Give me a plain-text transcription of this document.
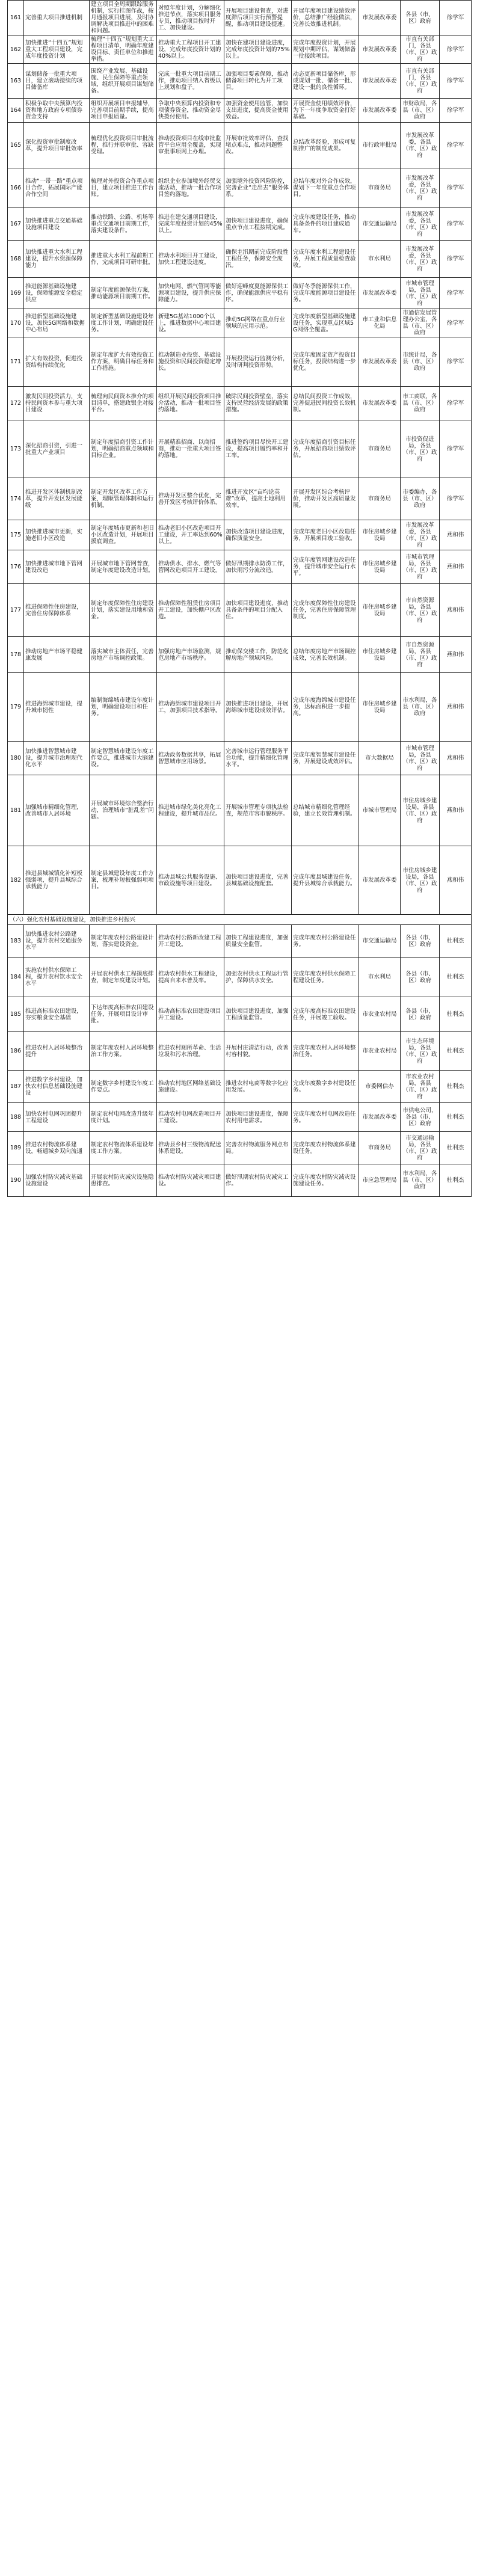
161	完善重大项目推进机制	建立项目全周期跟踪服务机制，实行挂图作战，按月通报项目进展，及时协调解决项目推进中的困难和问题。	对照年度计划，分解细化推进节点，落实项目服务专员，推动项目按时开工、加快建设。	开展项目建设督查，对进度滞后项目实行预警提醒，推动项目建设提速。	开展年度项目建设绩效评价，总结推广经验做法，完善长效推进机制。	市发展改革委	各县（市、区）政府	徐学军
162	加快推进“十四五”规划重大工程项目建设，完成年度投资计划	梳理“十四五”规划重大工程项目清单，明确年度建设目标、责任单位和推进举措。	推动重大工程项目开工建设，完成年度投资计划的40%以上。	加快在建项目建设进度，完成年度投资计划的75%以上。	完成年度投资计划，开展规划中期评估，谋划储备一批接续项目。	市发展改革委	市直有关部门，各县（市、区）政府	徐学军
163	谋划储备一批重大项目，建立滚动接续的项目储备库	围绕产业发展、基础设施、民生保障等重点领域，组织开展项目谋划储备。	完成一批重大项目前期工作，推动项目纳入省级以上规划和盘子。	加强项目要素保障，推动储备项目转化为开工项目。	动态更新项目储备库，形成谋划一批、储备一批、建设一批的良性循环。	市发展改革委	市直有关部门，各县（市、区）政府	徐学军
164	积极争取中央预算内投资和地方政府专项债券资金支持	组织开展项目申报辅导，完善项目前期手续，提高项目申报质量。	争取中央预算内投资和专项债券资金，推动资金尽快拨付使用。	加强资金使用监管，加快支出进度，提高资金使用效益。	开展资金使用绩效评价，为下一年度争取资金打好基础。	市发展改革委	市财政局，各县（市、区）政府	徐学军
165	深化投资审批制度改革，提升项目审批效率	梳理优化投资项目审批流程，推行并联审批、容缺受理。	推动投资项目在线审批监管平台应用全覆盖，实现审批事项网上办理。	开展审批效率评估，查找堵点难点，推动问题整改。	总结改革经验，形成可复制推广的制度成果。	市行政审批局	市发展改革委，各县（市、区）政府	徐学军
166	推动“一带一路”重点项目合作，拓展国际产能合作空间	梳理对外投资合作重点项目，建立项目推进工作台账。	组织企业参加境外经贸交流活动，推动一批合作项目签约落地。	加强境外投资风险防控，完善企业“走出去”服务体系。	总结年度对外合作成效，谋划下一年度重点合作项目。	市商务局	市发展改革委，各县（市、区）政府	徐学军
167	加快推进重点交通基础设施项目建设	推动铁路、公路、机场等重点交通项目前期工作，落实建设条件。	推进在建交通项目建设，完成年度投资计划的45%以上。	加快项目建设进度，确保重点节点工程按期完成。	完成年度建设任务，推动具备条件的项目建成通车。	市交通运输局	市发展改革委，各县（市、区）政府	徐学军
168	加快推进重大水利工程建设，提升水资源保障能力	推进重大水利工程前期工作，完成项目可研审批。	推动水利项目开工建设，加快工程建设进度。	确保主汛期前完成阶段性工程任务，保障安全度汛。	完成年度水利工程建设任务，开展工程质量检查验收。	市水利局	市发展改革委，各县（市、区）政府	徐学军
169	推进能源基础设施建设，保障能源安全稳定供应	制定年度能源保供方案，推动能源项目前期工作。	加快电网、燃气管网等能源项目建设，提升供应保障能力。	做好迎峰度夏能源保供工作，确保能源供应平稳有序。	做好冬季能源保供工作，完成年度能源项目建设任务。	市发展改革委	市城市管理局，各县（市、区）政府	徐学军
170	推进新型基础设施建设，加快5G网络和数据中心布局	制定新型基础设施建设年度工作计划，明确建设任务。	新建5G基站1000个以上，推进数据中心项目建设。	推动5G网络在重点行业领域的应用示范。	完成年度新型基础设施建设任务，实现重点区域5G网络全覆盖。	市工业和信息化局	市通信发展管理办公室，各县（市、区）政府	徐学军
171	扩大有效投资，促进投资结构持续优化	制定年度扩大有效投资工作方案，明确目标任务和工作措施。	推动制造业投资、基础设施投资和民间投资稳定增长。	开展投资运行监测分析，及时研判投资形势。	完成年度固定资产投资目标任务，投资结构进一步优化。	市发展改革委	市统计局，各县（市、区）政府	徐学军
172	激发民间投资活力，支持民间资本参与重大项目建设	梳理向民间资本推介的项目清单，搭建政银企对接平台。	组织开展民间投资项目推介活动，推动一批项目签约落地。	破除民间投资壁垒，落实支持民营经济发展的政策措施。	总结民间投资工作成效，完善促进民间投资长效机制。	市发展改革委	市工商联，各县（市、区）政府	徐学军
173	深化招商引资，引进一批重大产业项目	制定年度招商引资工作计划，明确招商重点领域和目标企业。	开展精准招商、以商招商，推动一批重大项目签约落地。	推进签约项目尽快开工建设，提高项目履约率和开工率。	完成年度招商引资目标任务，开展招商项目绩效评估。	市商务局	市投资促进局，各县（市、区）政府	徐学军
174	推进开发区体制机制改革，提升开发区发展能级	制定开发区改革工作方案，理顺管理体制和运行机制。	推动开发区整合优化，完善开发区考核评价体系。	推进开发区“亩均论英雄”改革，提高土地利用效率。	开展开发区综合考核评价，推动开发区高质量发展。	市商务局	市委编办，各县（市、区）政府	徐学军
175	加快推进城市更新，实施老旧小区改造	制定年度城市更新和老旧小区改造计划，开展项目摸底调查。	推动老旧小区改造项目开工建设，开工率达到60%以上。	加快改造项目建设进度，确保质量安全。	完成年度老旧小区改造任务，开展项目竣工验收。	市住房城乡建设局	市发展改革委，各县（市、区）政府	燕和伟
176	加快推进城市地下管网建设改造	开展城市地下管网普查，制定年度建设改造计划。	推动供水、排水、燃气等管网改造项目开工建设。	做好汛期排水防涝工作，加快雨污分流改造。	完成年度管网建设改造任务，提升城市安全运行水平。	市住房城乡建设局	市城市管理局，各县（市、区）政府	燕和伟
177	推进保障性住房建设，完善住房保障体系	制定年度保障性住房建设计划，落实建设用地和资金。	推动保障性租赁住房项目开工建设，加快棚户区改造。	加快项目建设进度，推动具备条件的项目分配入住。	完成年度保障性住房建设任务，完善住房保障管理制度。	市住房城乡建设局	市自然资源局，各县（市、区）政府	燕和伟
178	推动房地产市场平稳健康发展	落实城市主体责任，完善房地产市场调控政策。	加强房地产市场监测，规范房地产市场秩序。	推动保交楼工作，防范化解房地产领域风险。	总结年度房地产市场调控成效，完善长效机制。	市住房城乡建设局	市自然资源局，各县（市、区）政府	燕和伟
179	推进海绵城市建设，提升城市韧性	编制海绵城市建设年度计划，明确建设项目和任务。	推动海绵城市建设项目开工，加强项目技术指导。	加快推进项目建设，开展海绵城市建设成效评估。	完成年度海绵城市建设任务，达标面积进一步提高。	市住房城乡建设局	市水利局，各县（市、区）政府	燕和伟
180	加快推进智慧城市建设，提升城市治理现代化水平	制定智慧城市建设年度工作要点，推进城市大脑建设。	推动政务数据共享，拓展智慧城市应用场景。	完善城市运行管理服务平台功能，提升精细化管理水平。	完成年度智慧城市建设任务，开展建设成效评估。	市大数据局	市城市管理局，各县（市、区）政府	燕和伟
181	加强城市精细化管理，改善城市人居环境	开展城市环境综合整治行动，治理城市“脏乱差”问题。	推进城市绿化美化亮化工程建设，提升城市品位。	开展城市管理专项执法检查，规范市容市貌秩序。	总结城市精细化管理经验，建立长效管理机制。	市城市管理局	市住房城乡建设局，各县（市、区）政府	燕和伟
182	推进县城城镇化补短板强弱项，提升县城综合承载能力	制定县城建设年度工作方案，梳理补短板强弱项项目。	推动县城公共服务设施、市政设施等项目建设。	加快项目建设进度，完善县城基础设施配套。	完成年度县城建设任务，提升县城综合承载能力。	市发展改革委	市住房城乡建设局，各县（市、区）政府	燕和伟
（六）强化农村基础设施建设，加快推进乡村振兴								
183	加快推进农村公路建设，提升农村交通服务水平	制定年度农村公路建设计划，落实建设资金。	推动农村公路新改建工程开工建设。	加快工程建设进度，加强质量安全监管。	完成年度农村公路建设任务。	市交通运输局	各县（市、区）政府	杜利杰
184	实施农村供水保障工程，提升农村饮水安全水平	开展农村供水工程摸底排查，制定年度建设计划。	推动农村供水工程建设，提高自来水普及率。	加强农村供水工程运行管护，保障供水安全。	完成年度农村供水保障工程建设任务。	市水利局	各县（市、区）政府	杜利杰
185	推进高标准农田建设，夯实粮食安全基础	下达年度高标准农田建设任务，开展项目设计审批。	推动高标准农田建设项目开工建设。	加快项目建设进度，加强工程质量监管。	完成年度高标准农田建设任务，开展竣工验收。	市农业农村局	各县（市、区）政府	杜利杰
186	推进农村人居环境整治提升	制定年度农村人居环境整治工作方案。	推进农村厕所革命、生活垃圾和污水治理。	开展村庄清洁行动，改善村容村貌。	完成年度农村人居环境整治任务。	市农业农村局	市生态环境局，各县（市、区）政府	杜利杰
187	推进数字乡村建设，加快农村信息基础设施建设	制定数字乡村建设年度工作要点。	推动农村地区网络基础设施建设。	推进农村电商等数字化应用发展。	完成年度数字乡村建设任务。	市委网信办	市农业农村局，各县（市、区）政府	杜利杰
188	加快农村电网巩固提升工程建设	制定农村电网改造升级年度计划。	推动农村电网改造项目开工建设。	加快项目建设进度，保障农村用电需求。	完成年度农村电网改造任务。	市发展改革委	市供电公司，各县（市、区）政府	杜利杰
189	推进农村物流体系建设，畅通城乡双向流通	制定农村物流体系建设年度工作方案。	推动县乡村三级物流配送体系建设。	完善农村物流服务网点布局。	完成年度农村物流体系建设任务。	市商务局	市交通运输局，各县（市、区）政府	杜利杰
190	加强农村防灾减灾基础设施建设	开展农村防灾减灾设施隐患排查。	推动农村防灾减灾项目建设。	做好汛期农村防灾减灾工作。	完成年度农村防灾减灾设施建设任务。	市应急管理局	市水利局，各县（市、区）政府	杜利杰
